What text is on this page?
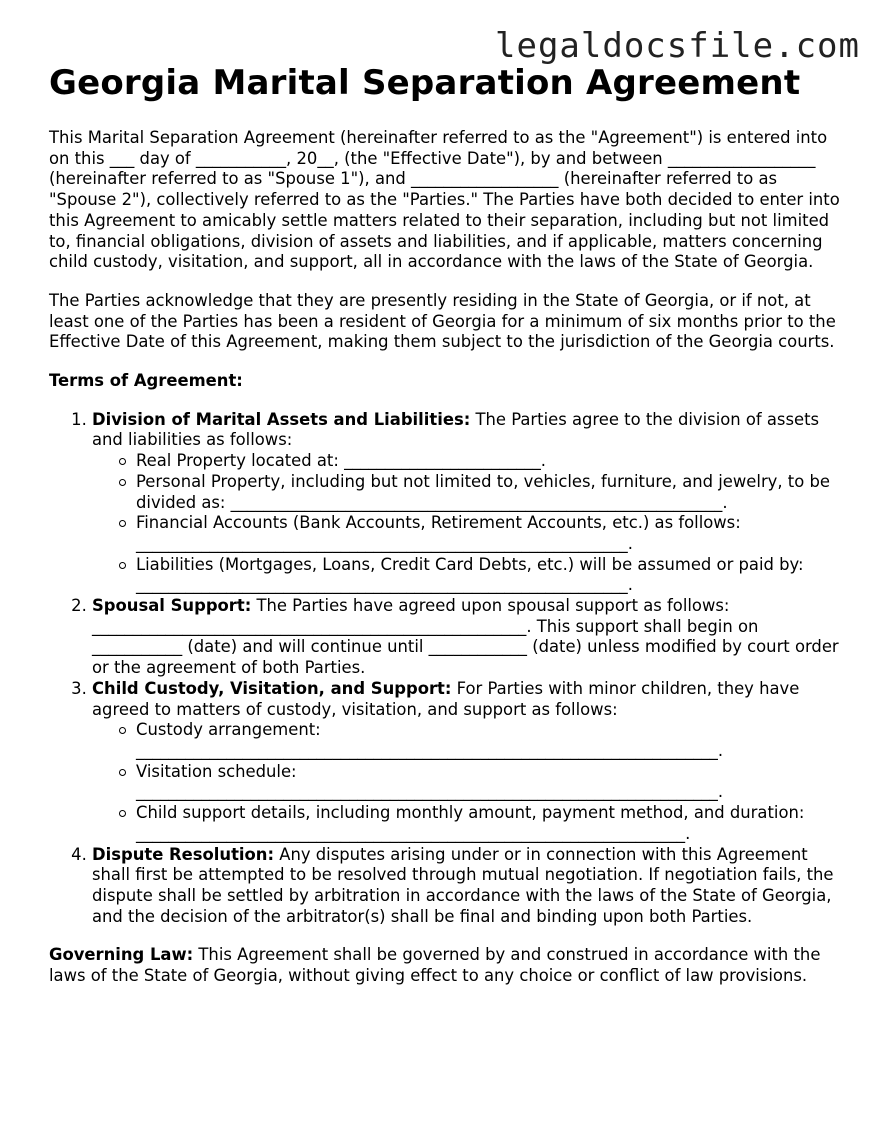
legaldocsfile.com
Georgia Marital Separation Agreement

This Marital Separation Agreement (hereinafter referred to as the "Agreement") is entered into on this ___ day of ___________, 20__, (the "Effective Date"), by and between __________________ (hereinafter referred to as "Spouse 1"), and __________________ (hereinafter referred to as "Spouse 2"), collectively referred to as the "Parties." The Parties have both decided to enter into this Agreement to amicably settle matters related to their separation, including but not limited to, financial obligations, division of assets and liabilities, and if applicable, matters concerning child custody, visitation, and support, all in accordance with the laws of the State of Georgia.

The Parties acknowledge that they are presently residing in the State of Georgia, or if not, at least one of the Parties has been a resident of Georgia for a minimum of six months prior to the Effective Date of this Agreement, making them subject to the jurisdiction of the Georgia courts.

Terms of Agreement:
1. Division of Marital Assets and Liabilities: The Parties agree to the division of assets and liabilities as follows:
Real Property located at: ________________________.
Personal Property, including but not limited to, vehicles, furniture, and jewelry, to be divided as: ____________________________________________________________.
Financial Accounts (Bank Accounts, Retirement Accounts, etc.) as follows: ____________________________________________________________.
Liabilities (Mortgages, Loans, Credit Card Debts, etc.) will be assumed or paid by: ____________________________________________________________.
2. Spousal Support: The Parties have agreed upon spousal support as follows: _____________________________________________________. This support shall begin on ___________ (date) and will continue until ____________ (date) unless modified by court order or the agreement of both Parties.
3. Child Custody, Visitation, and Support: For Parties with minor children, they have agreed to matters of custody, visitation, and support as follows:
Custody arrangement: _______________________________________________________________________.
Visitation schedule: _______________________________________________________________________.
Child support details, including monthly amount, payment method, and duration: ___________________________________________________________________.
4. Dispute Resolution: Any disputes arising under or in connection with this Agreement shall first be attempted to be resolved through mutual negotiation. If negotiation fails, the dispute shall be settled by arbitration in accordance with the laws of the State of Georgia, and the decision of the arbitrator(s) shall be final and binding upon both Parties.

Governing Law: This Agreement shall be governed by and construed in accordance with the laws of the State of Georgia, without giving effect to any choice or conflict of law provisions.
